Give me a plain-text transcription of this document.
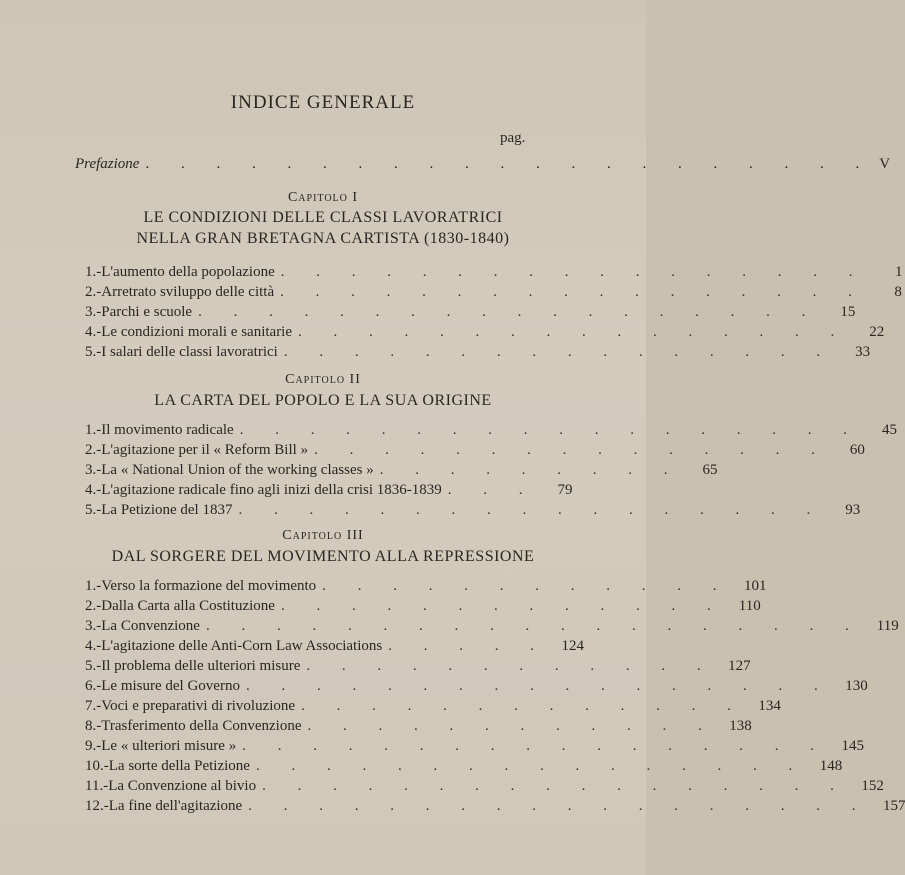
INDICE GENERALE
pag.
Prefazione . . . . . . . . . . . . . . . . . . . . . V
Capitolo I
LE CONDIZIONI DELLE CLASSI LAVORATRICI
NELLA GRAN BRETAGNA CARTISTA (1830-1840)
1. - L'aumento della popolazione . . . . . . . . . . . . . . . . .	1
2. - Arretrato sviluppo delle città . . . . . . . . . . . . . . . . .	8
3. - Parchi e scuole . . . . . . . . . . . . . . . . . .	15
4. - Le condizioni morali e sanitarie . . . . . . . . . . . . . . . .	22
5. - I salari delle classi lavoratrici . . . . . . . . . . . . . . . .	33
Capitolo II
LA CARTA DEL POPOLO E LA SUA ORIGINE
1. - Il movimento radicale . . . . . . . . . . . . . . . . . .	45
2. - L'agitazione per il « Reform Bill » . . . . . . . . . . . . . . .	60
3. - La « National Union of the working classes » . . . . . . . . .	65
4. - L'agitazione radicale fino agli inizi della crisi 1836-1839 . . .	79
5. - La Petizione del 1837 . . . . . . . . . . . . . . . . .	93
Capitolo III
DAL SORGERE DEL MOVIMENTO ALLA REPRESSIONE
1. - Verso la formazione del movimento . . . . . . . . . . . . 101
2. - Dalla Carta alla Costituzione . . . . . . . . . . . . . 110
3. - La Convenzione . . . . . . . . . . . . . . . . . . . 119
4. - L'agitazione delle Anti-Corn Law Associations . . . . . 124
5. - Il problema delle ulteriori misure . . . . . . . . . . . . 127
6. - Le misure del Governo . . . . . . . . . . . . . . . . . 130
7. - Voci e preparativi di rivoluzione . . . . . . . . . . . . . 134
8. - Trasferimento della Convenzione . . . . . . . . . . . . 138
9. - Le « ulteriori misure » . . . . . . . . . . . . . . . . . 145
10. - La sorte della Petizione . . . . . . . . . . . . . . . . 148
11. - La Convenzione al bivio . . . . . . . . . . . . . . . . . 152
12. - La fine dell'agitazione . . . . . . . . . . . . . . . . . . 157
